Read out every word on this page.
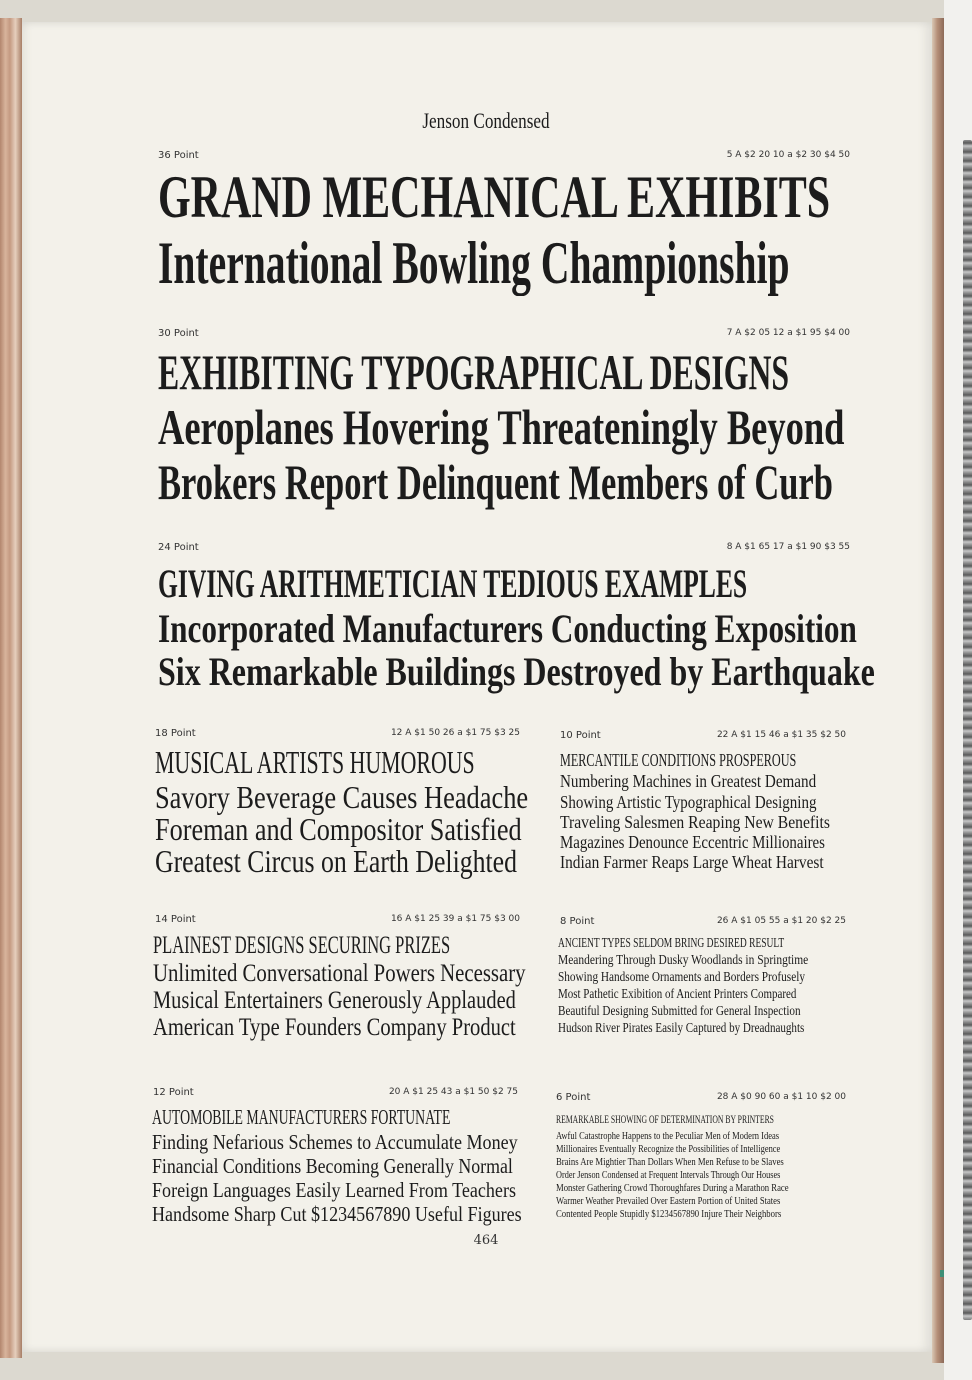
Jenson Condensed
36 Point	5 A $2 20 10 a $2 30 $4 50
GRAND MECHANICAL EXHIBITS
International Bowling Championship
30 Point	7 A $2 05 12 a $1 95 $4 00
EXHIBITING TYPOGRAPHICAL DESIGNS
Aeroplanes Hovering Threateningly Beyond
Brokers Report Delinquent Members of Curb
24 Point	8 A $1 65 17 a $1 90 $3 55
GIVING ARITHMETICIAN TEDIOUS EXAMPLES
Incorporated Manufacturers Conducting Exposition
Six Remarkable Buildings Destroyed by Earthquake
18 Point	12 A $1 50 26 a $1 75 $3 25
MUSICAL ARTISTS HUMOROUS
Savory Beverage Causes Headache
Foreman and Compositor Satisfied
Greatest Circus on Earth Delighted
10 Point	22 A $1 15 46 a $1 35 $2 50
MERCANTILE CONDITIONS PROSPEROUS
Numbering Machines in Greatest Demand
Showing Artistic Typographical Designing
Traveling Salesmen Reaping New Benefits
Magazines Denounce Eccentric Millionaires
Indian Farmer Reaps Large Wheat Harvest
14 Point	16 A $1 25 39 a $1 75 $3 00
PLAINEST DESIGNS SECURING PRIZES
Unlimited Conversational Powers Necessary
Musical Entertainers Generously Applauded
American Type Founders Company Product
8 Point	26 A $1 05 55 a $1 20 $2 25
ANCIENT TYPES SELDOM BRING DESIRED RESULT
Meandering Through Dusky Woodlands in Springtime
Showing Handsome Ornaments and Borders Profusely
Most Pathetic Exibition of Ancient Printers Compared
Beautiful Designing Submitted for General Inspection
Hudson River Pirates Easily Captured by Dreadnaughts
12 Point	20 A $1 25 43 a $1 50 $2 75
AUTOMOBILE MANUFACTURERS FORTUNATE
Finding Nefarious Schemes to Accumulate Money
Financial Conditions Becoming Generally Normal
Foreign Languages Easily Learned From Teachers
Handsome Sharp Cut $1234567890 Useful Figures
6 Point	28 A $0 90 60 a $1 10 $2 00
REMARKABLE SHOWING OF DETERMINATION BY PRINTERS
Awful Catastrophe Happens to the Peculiar Men of Modern Ideas
Millionaires Eventually Recognize the Possibilities of Intelligence
Brains Are Mightier Than Dollars When Men Refuse to be Slaves
Order Jenson Condensed at Frequent Intervals Through Our Houses
Monster Gathering Crowd Thoroughfares During a Marathon Race
Warmer Weather Prevailed Over Eastern Portion of United States
Contented People Stupidly $1234567890 Injure Their Neighbors
464
